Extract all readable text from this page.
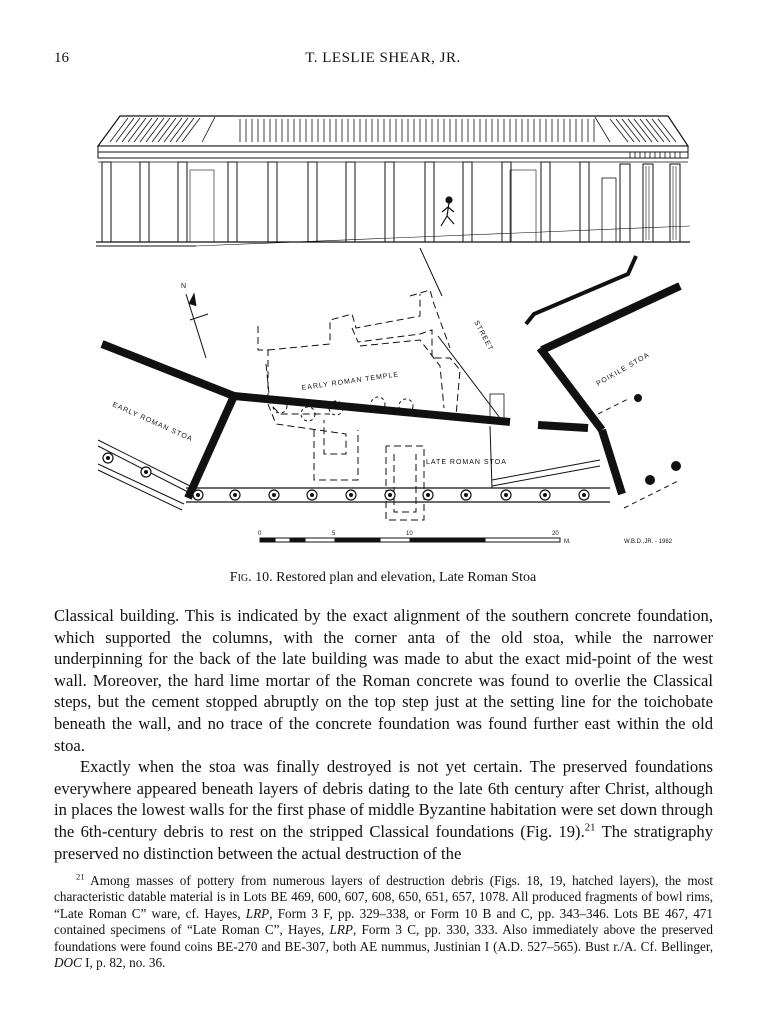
16	T. LESLIE SHEAR, JR.
N
EARLY ROMAN TEMPLE
STREET
POIKILE STOA
EARLY ROMAN STOA
LATE ROMAN STOA
0	5	10	20
M.	W.B.D.,JR. - 1982
Fig. 10. Restored plan and elevation, Late Roman Stoa

Classical building. This is indicated by the exact alignment of the southern concrete foundation, which supported the columns, with the corner anta of the old stoa, while the narrower underpinning for the back of the late building was made to abut the exact mid-point of the west wall. Moreover, the hard lime mortar of the Roman concrete was found to overlie the Classical steps, but the cement stopped abruptly on the top step just at the setting line for the toichobate beneath the wall, and no trace of the concrete foundation was found further east within the old stoa.

Exactly when the stoa was finally destroyed is not yet certain. The preserved foundations everywhere appeared beneath layers of debris dating to the late 6th century after Christ, although in places the lowest walls for the first phase of middle Byzantine habitation were set down through the 6th-century debris to rest on the stripped Classical foundations (Fig. 19).$^{21}$ The stratigraphy preserved no distinction between the actual destruction of the

$^{21}$ Among masses of pottery from numerous layers of destruction debris (Figs. 18, 19, hatched layers), the most characteristic datable material is in Lots BE 469, 600, 607, 608, 650, 651, 657, 1078. All produced fragments of bowl rims, “Late Roman C” ware, cf. Hayes, LRP, Form 3 F, pp. 329–338, or Form 10 B and C, pp. 343–346. Lots BE 467, 471 contained specimens of “Late Roman C”, Hayes, LRP, Form 3 C, pp. 330, 333. Also immediately above the preserved foundations were found coins BE-270 and BE-307, both AE nummus, Justinian I (A.D. 527–565). Bust r./A. Cf. Bellinger, DOC I, p. 82, no. 36.
